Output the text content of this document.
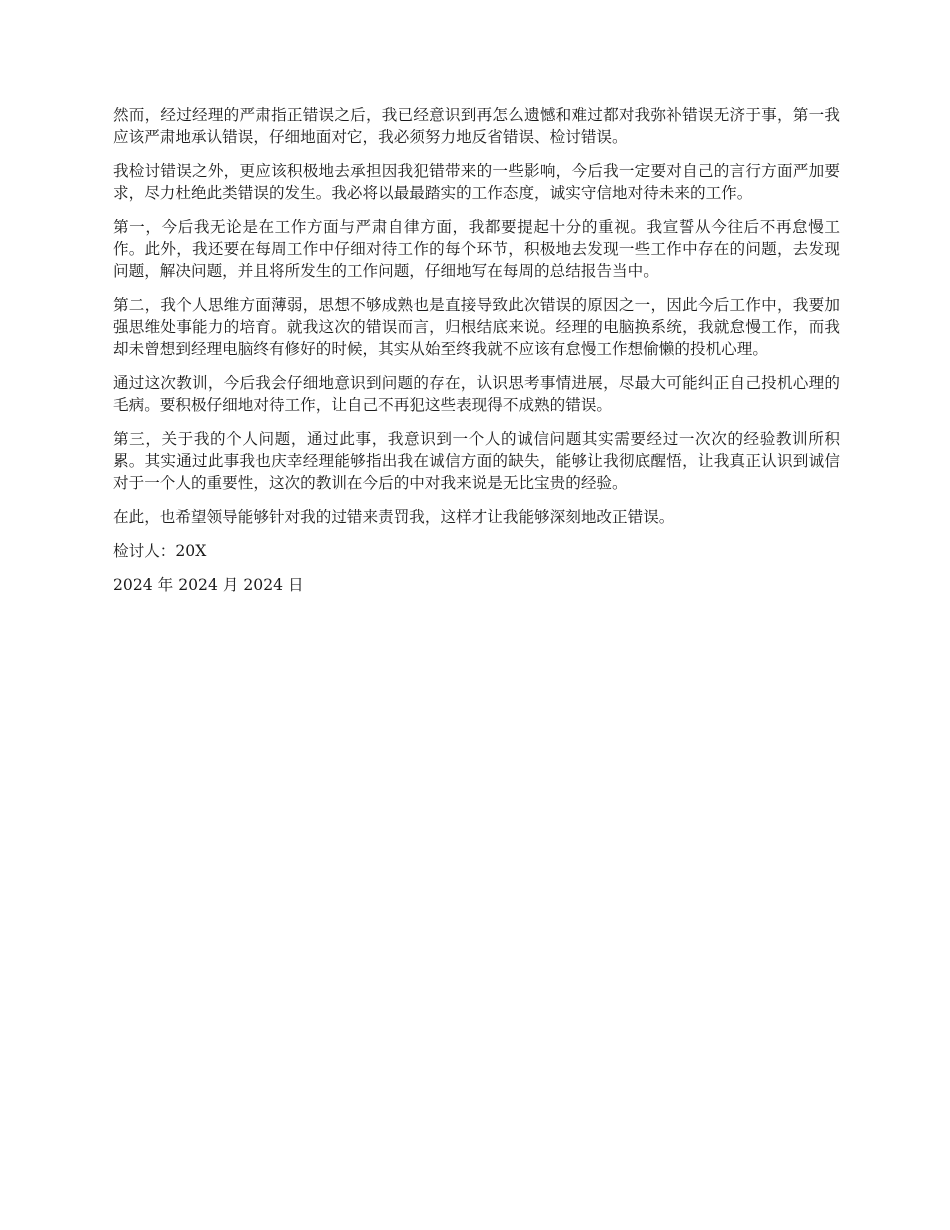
然而，经过经理的严肃指正错误之后，我已经意识到再怎么遗憾和难过都对我弥补错误无济于事，第一我应该严肃地承认错误，仔细地面对它，我必须努力地反省错误、检讨错误。

我检讨错误之外，更应该积极地去承担因我犯错带来的一些影响，今后我一定要对自己的言行方面严加要求，尽力杜绝此类错误的发生。我必将以最最踏实的工作态度，诚实守信地对待未来的工作。

第一，今后我无论是在工作方面与严肃自律方面，我都要提起十分的重视。我宣誓从今往后不再怠慢工作。此外，我还要在每周工作中仔细对待工作的每个环节，积极地去发现一些工作中存在的问题，去发现问题，解决问题，并且将所发生的工作问题，仔细地写在每周的总结报告当中。

第二，我个人思维方面薄弱，思想不够成熟也是直接导致此次错误的原因之一，因此今后工作中，我要加强思维处事能力的培育。就我这次的错误而言，归根结底来说。经理的电脑换系统，我就怠慢工作，而我却未曾想到经理电脑终有修好的时候，其实从始至终我就不应该有怠慢工作想偷懒的投机心理。

通过这次教训，今后我会仔细地意识到问题的存在，认识思考事情进展，尽最大可能纠正自己投机心理的毛病。要积极仔细地对待工作，让自己不再犯这些表现得不成熟的错误。

第三，关于我的个人问题，通过此事，我意识到一个人的诚信问题其实需要经过一次次的经验教训所积累。其实通过此事我也庆幸经理能够指出我在诚信方面的缺失，能够让我彻底醒悟，让我真正认识到诚信对于一个人的重要性，这次的教训在今后的中对我来说是无比宝贵的经验。

在此，也希望领导能够针对我的过错来责罚我，这样才让我能够深刻地改正错误。

检讨人：20X

2024 年 2024 月 2024 日
